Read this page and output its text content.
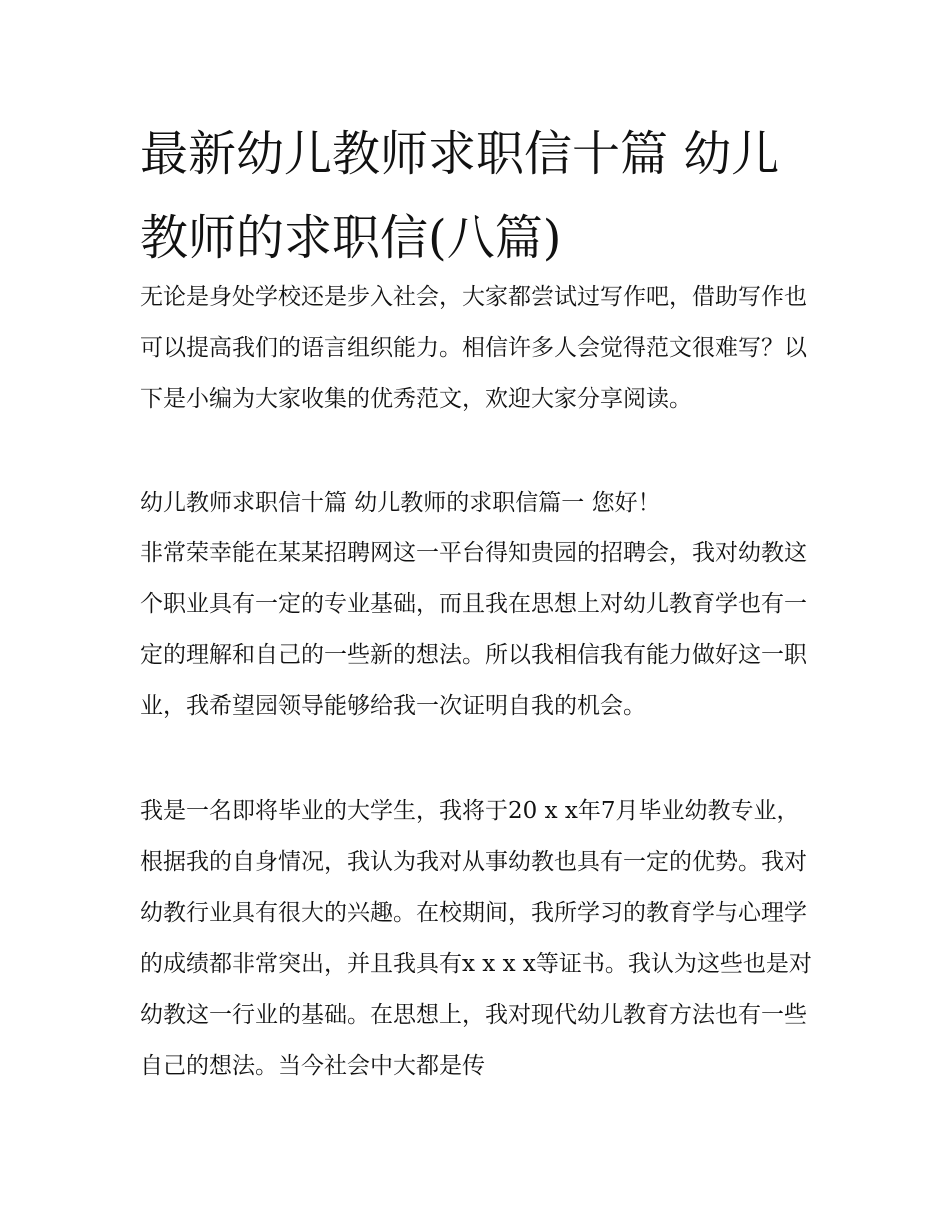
最新幼儿教师求职信十篇 幼儿教师的求职信(八篇)

无论是身处学校还是步入社会，大家都尝试过写作吧，借助写作也可以提高我们的语言组织能力。相信许多人会觉得范文很难写？以下是小编为大家收集的优秀范文，欢迎大家分享阅读。

幼儿教师求职信十篇 幼儿教师的求职信篇一 您好！

非常荣幸能在某某招聘网这一平台得知贵园的招聘会，我对幼教这个职业具有一定的专业基础，而且我在思想上对幼儿教育学也有一定的理解和自己的一些新的想法。所以我相信我有能力做好这一职业，我希望园领导能够给我一次证明自我的机会。

我是一名即将毕业的大学生，我将于20 x x年7月毕业幼教专业，根据我的自身情况，我认为我对从事幼教也具有一定的优势。我对幼教行业具有很大的兴趣。在校期间，我所学习的教育学与心理学的成绩都非常突出，并且我具有x x x x等证书。我认为这些也是对幼教这一行业的基础。在思想上，我对现代幼儿教育方法也有一些自己的想法。当今社会中大都是传
